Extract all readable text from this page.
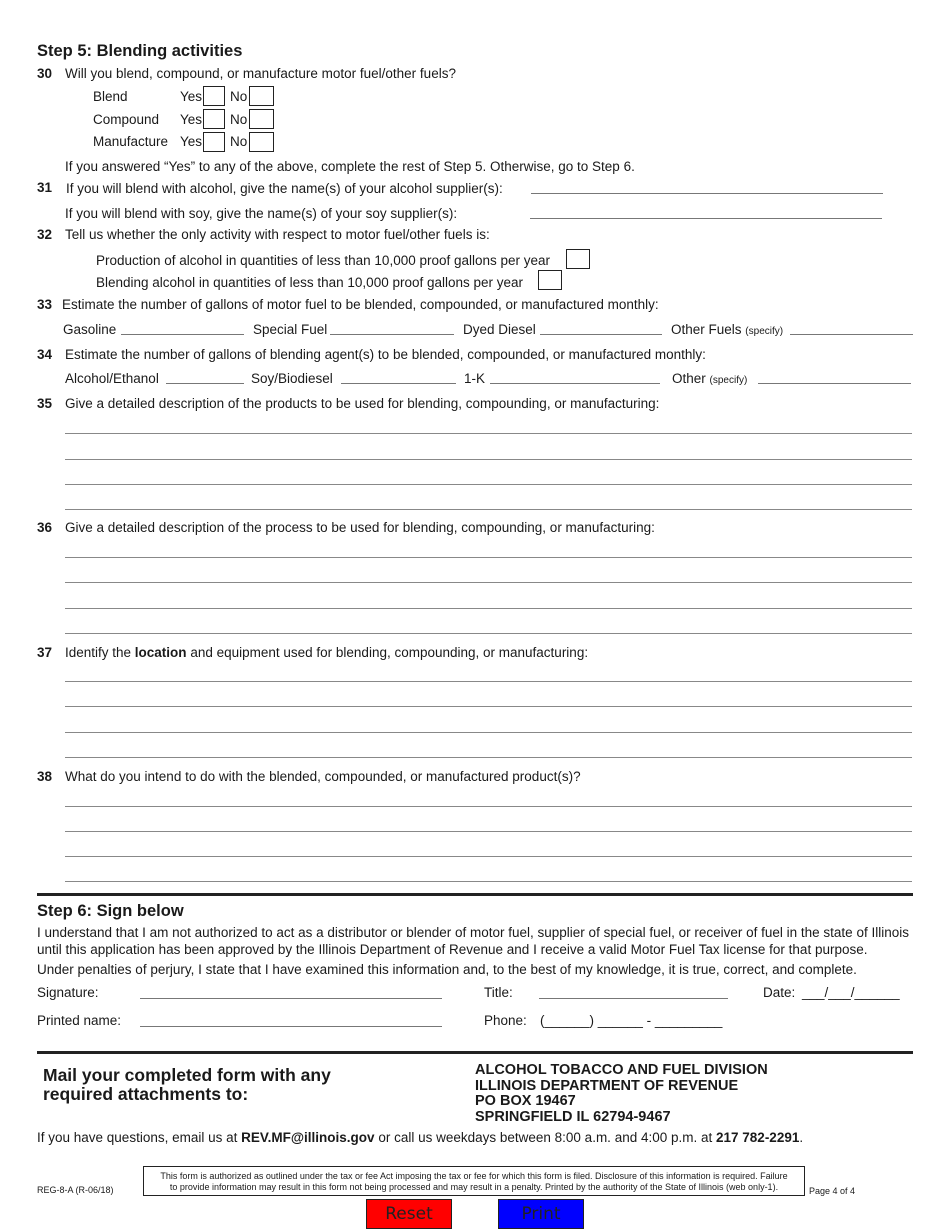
Step 5: Blending activities
30 Will you blend, compound, or manufacture motor fuel/other fuels?
Blend	Yes No
Compound Yes No
Manufacture Yes No
If you answered “Yes” to any of the above, complete the rest of Step 5. Otherwise, go to Step 6.
31 If you will blend with alcohol, give the name(s) of your alcohol supplier(s):
If you will blend with soy, give the name(s) of your soy supplier(s):
32 Tell us whether the only activity with respect to motor fuel/other fuels is:
Production of alcohol in quantities of less than 10,000 proof gallons per year
Blending alcohol in quantities of less than 10,000 proof gallons per year
33 Estimate the number of gallons of motor fuel to be blended, compounded, or manufactured monthly:
Gasoline	Special Fuel	Dyed Diesel	Other Fuels (specify)
34 Estimate the number of gallons of blending agent(s) to be blended, compounded, or manufactured monthly:
Alcohol/Ethanol	Soy/Biodiesel	1-K	Other (specify)
35 Give a detailed description of the products to be used for blending, compounding, or manufacturing:
36 Give a detailed description of the process to be used for blending, compounding, or manufacturing:
37 Identify the location and equipment used for blending, compounding, or manufacturing:
38 What do you intend to do with the blended, compounded, or manufactured product(s)?
Step 6: Sign below
I understand that I am not authorized to act as a distributor or blender of motor fuel, supplier of special fuel, or receiver of fuel in the state of Illinois
until this application has been approved by the Illinois Department of Revenue and I receive a valid Motor Fuel Tax license for that purpose.
Under penalties of perjury, I state that I have examined this information and, to the best of my knowledge, it is true, correct, and complete.
Signature:	Title:	Date: ___/___/______
Printed name:	Phone: (______) ______ - _________
Mail your completed form with any
required attachments to:
ALCOHOL TOBACCO AND FUEL DIVISION
ILLINOIS DEPARTMENT OF REVENUE
PO BOX 19467
SPRINGFIELD IL 62794-9467
If you have questions, email us at REV.MF@illinois.gov or call us weekdays between 8:00 a.m. and 4:00 p.m. at 217 782-2291.
REG-8-A (R-06/18)
This form is authorized as outlined under the tax or fee Act imposing the tax or fee for which this form is filed. Disclosure of this information is required. Failure
to provide information may result in this form not being processed and may result in a penalty. Printed by the authority of the State of Illinois (web only-1).	Page 4 of 4
Reset	Print
